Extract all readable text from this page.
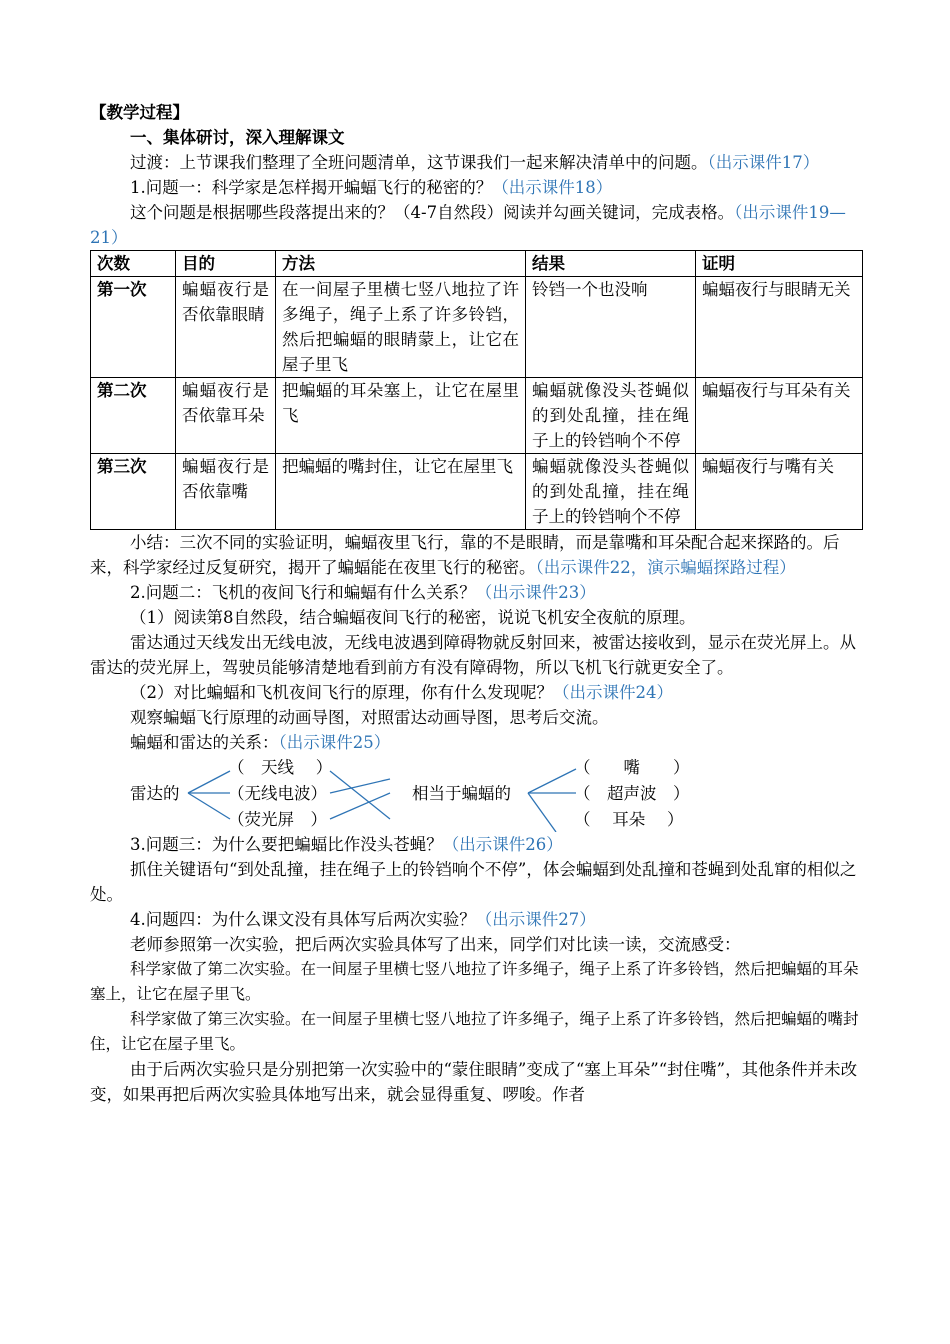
【教学过程】

一、集体研讨，深入理解课文

过渡：上节课我们整理了全班问题清单，这节课我们一起来解决清单中的问题。（出示课件17）

1.问题一：科学家是怎样揭开蝙蝠飞行的秘密的？（出示课件18）

这个问题是根据哪些段落提出来的？（4-7自然段）阅读并勾画关键词，完成表格。（出示课件19—21）

次数	目的	方法	结果	证明
第一次	蝙蝠夜行是否依靠眼睛	在一间屋子里横七竖八地拉了许多绳子，绳子上系了许多铃铛，然后把蝙蝠的眼睛蒙上，让它在屋子里飞	铃铛一个也没响	蝙蝠夜行与眼睛无关
第二次	蝙蝠夜行是否依靠耳朵	把蝙蝠的耳朵塞上，让它在屋里飞	蝙蝠就像没头苍蝇似的到处乱撞，挂在绳子上的铃铛响个不停	蝙蝠夜行与耳朵有关
第三次	蝙蝠夜行是否依靠嘴	把蝙蝠的嘴封住，让它在屋里飞	蝙蝠就像没头苍蝇似的到处乱撞，挂在绳子上的铃铛响个不停	蝙蝠夜行与嘴有关

小结：三次不同的实验证明，蝙蝠夜里飞行，靠的不是眼睛，而是靠嘴和耳朵配合起来探路的。后来，科学家经过反复研究，揭开了蝙蝠能在夜里飞行的秘密。（出示课件22，演示蝙蝠探路过程）

2.问题二：飞机的夜间飞行和蝙蝠有什么关系？（出示课件23）

（1）阅读第8自然段，结合蝙蝠夜间飞行的秘密，说说飞机安全夜航的原理。

雷达通过天线发出无线电波，无线电波遇到障碍物就反射回来，被雷达接收到，显示在荧光屏上。从雷达的荧光屏上，驾驶员能够清楚地看到前方有没有障碍物，所以飞机飞行就更安全了。

（2）对比蝙蝠和飞机夜间飞行的原理，你有什么发现呢？（出示课件24）

观察蝙蝠飞行原理的动画导图，对照雷达动画导图，思考后交流。

蝙蝠和雷达的关系：（出示课件25）

雷达的
（　天线　 ）
（无线电波）
（荧光屏　）
相当于蝙蝠的
（　　嘴　　）
（　超声波　）
（　 耳朵　 ）

3.问题三：为什么要把蝙蝠比作没头苍蝇？（出示课件26）

抓住关键语句“到处乱撞，挂在绳子上的铃铛响个不停”，体会蝙蝠到处乱撞和苍蝇到处乱窜的相似之处。

4.问题四：为什么课文没有具体写后两次实验？（出示课件27）

老师参照第一次实验，把后两次实验具体写了出来，同学们对比读一读，交流感受：

科学家做了第二次实验。在一间屋子里横七竖八地拉了许多绳子，绳子上系了许多铃铛，然后把蝙蝠的耳朵塞上，让它在屋子里飞。

科学家做了第三次实验。在一间屋子里横七竖八地拉了许多绳子，绳子上系了许多铃铛，然后把蝙蝠的嘴封住，让它在屋子里飞。

由于后两次实验只是分别把第一次实验中的“蒙住眼睛”变成了“塞上耳朵”“封住嘴”，其他条件并未改变，如果再把后两次实验具体地写出来，就会显得重复、啰唆。作者
